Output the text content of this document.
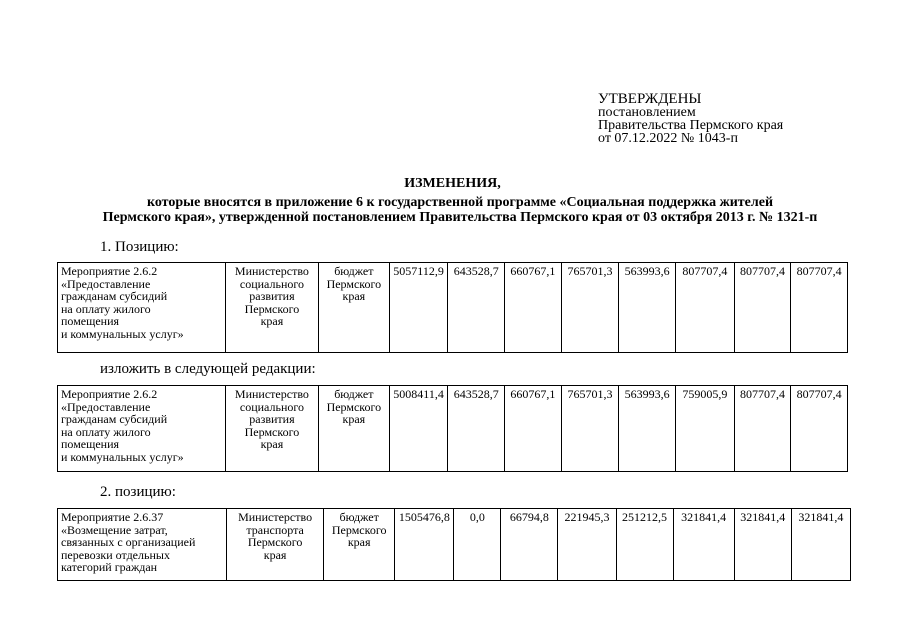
УТВЕРЖДЕНЫ
постановлением
Правительства Пермского края
от 07.12.2022 № 1043-п
ИЗМЕНЕНИЯ,
которые вносятся в приложение 6 к государственной программе «Социальная поддержка жителей
Пермского края», утвержденной постановлением Правительства Пермского края от 03 октября 2013 г. № 1321-п
1. Позицию:
Мероприятие 2.6.2
«Предоставление
гражданам субсидий
на оплату жилого
помещения
и коммунальных услуг»

Министерство
социального
развития
Пермского
края

бюджет
Пермского
края
	5057112,9	643528,7	660767,1	765701,3	563993,6	807707,4	807707,4	807707,4
изложить в следующей редакции:
Мероприятие 2.6.2
«Предоставление
гражданам субсидий
на оплату жилого
помещения
и коммунальных услуг»

Министерство
социального
развития
Пермского
края

бюджет
Пермского
края
	5008411,4	643528,7	660767,1	765701,3	563993,6	759005,9	807707,4	807707,4
2. позицию:
Мероприятие 2.6.37
«Возмещение затрат,
связанных с организацией
перевозки отдельных
категорий граждан

Министерство
транспорта
Пермского
края

бюджет
Пермского
края
	1505476,8	0,0	66794,8	221945,3	251212,5	321841,4	321841,4	321841,4
